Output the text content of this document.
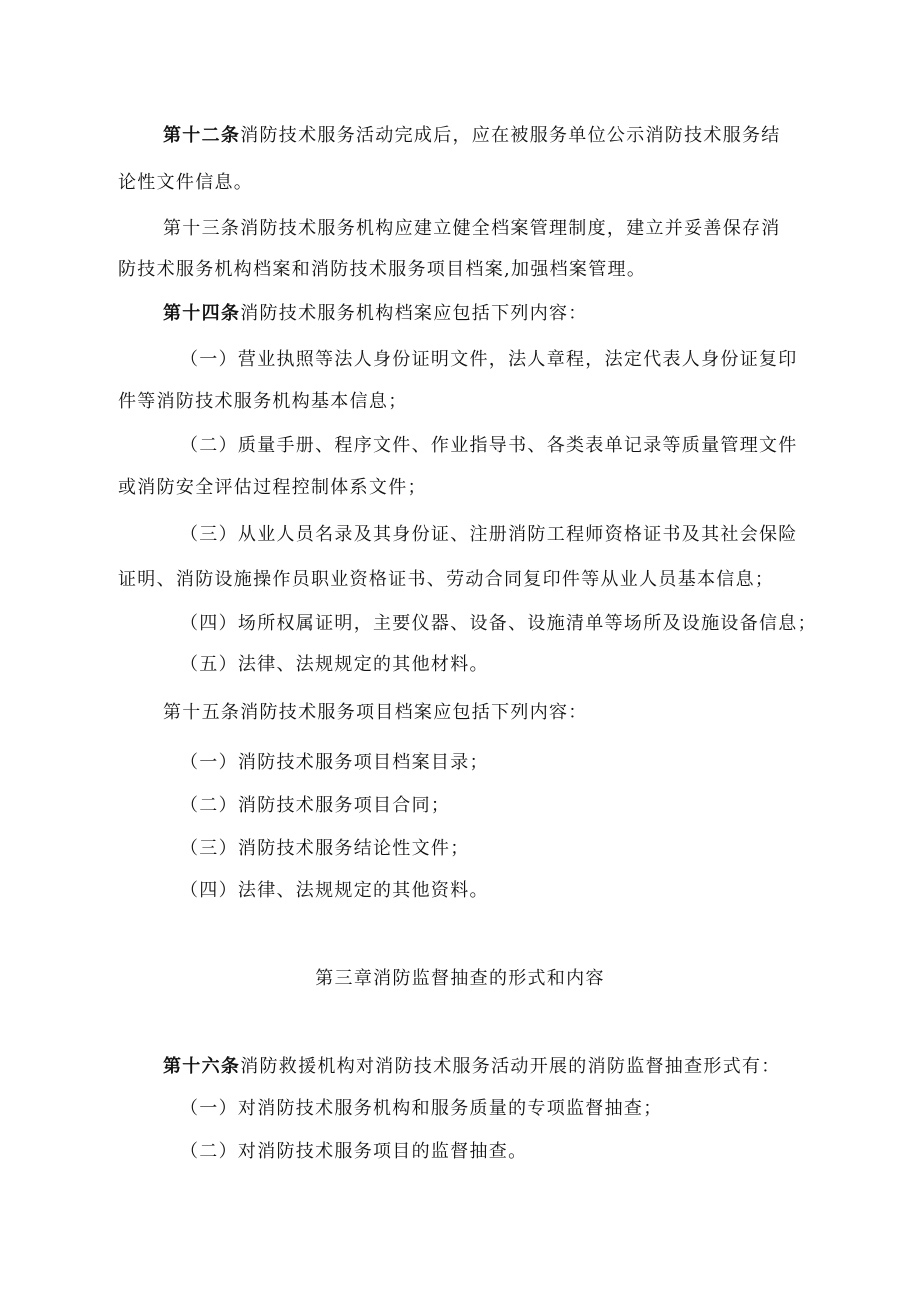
第十二条消防技术服务活动完成后，应在被服务单位公示消防技术服务结
论性文件信息。
第十三条消防技术服务机构应建立健全档案管理制度，建立并妥善保存消
防技术服务机构档案和消防技术服务项目档案,加强档案管理。
第十四条消防技术服务机构档案应包括下列内容：
（一）营业执照等法人身份证明文件，法人章程，法定代表人身份证复印
件等消防技术服务机构基本信息；
（二）质量手册、程序文件、作业指导书、各类表单记录等质量管理文件
或消防安全评估过程控制体系文件；
（三）从业人员名录及其身份证、注册消防工程师资格证书及其社会保险
证明、消防设施操作员职业资格证书、劳动合同复印件等从业人员基本信息；
（四）场所权属证明，主要仪器、设备、设施清单等场所及设施设备信息；
（五）法律、法规规定的其他材料。
第十五条消防技术服务项目档案应包括下列内容：
（一）消防技术服务项目档案目录；
（二）消防技术服务项目合同；
（三）消防技术服务结论性文件；
（四）法律、法规规定的其他资料。
第三章消防监督抽查的形式和内容
第十六条消防救援机构对消防技术服务活动开展的消防监督抽查形式有：
（一）对消防技术服务机构和服务质量的专项监督抽查；
（二）对消防技术服务项目的监督抽查。
